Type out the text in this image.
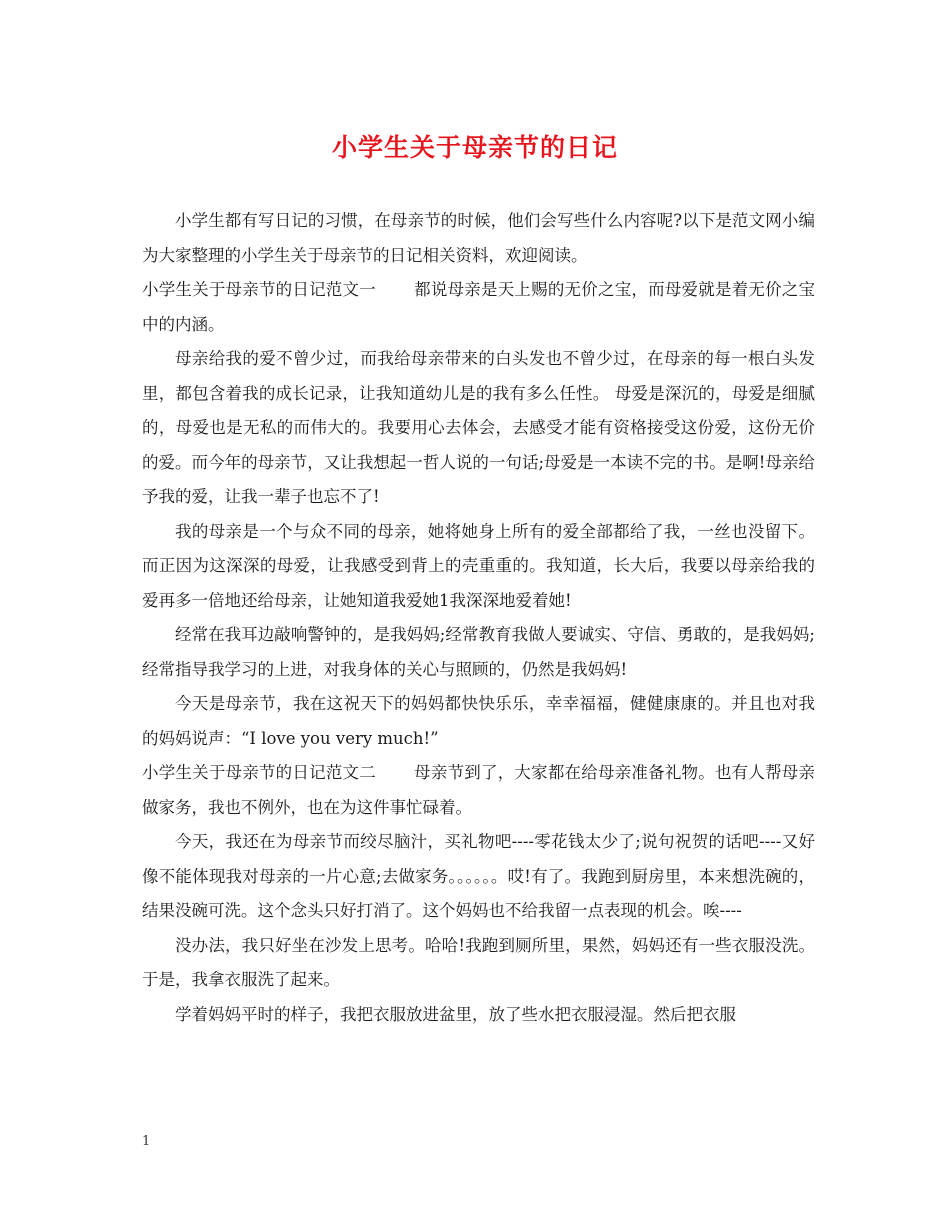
小学生关于母亲节的日记

小学生都有写日记的习惯，在母亲节的时候，他们会写些什么内容呢?以下是范文网小编为大家整理的小学生关于母亲节的日记相关资料，欢迎阅读。

小学生关于母亲节的日记范文一 都说母亲是天上赐的无价之宝，而母爱就是着无价之宝中的内涵。

母亲给我的爱不曾少过，而我给母亲带来的白头发也不曾少过，在母亲的每一根白头发里，都包含着我的成长记录，让我知道幼儿是的我有多么任性。 母爱是深沉的，母爱是细腻的，母爱也是无私的而伟大的。我要用心去体会，去感受才能有资格接受这份爱，这份无价的爱。而今年的母亲节，又让我想起一哲人说的一句话;母爱是一本读不完的书。是啊!母亲给予我的爱，让我一辈子也忘不了!

我的母亲是一个与众不同的母亲，她将她身上所有的爱全部都给了我，一丝也没留下。而正因为这深深的母爱，让我感受到背上的壳重重的。我知道，长大后，我要以母亲给我的爱再多一倍地还给母亲，让她知道我爱她1我深深地爱着她!

经常在我耳边敲响警钟的，是我妈妈;经常教育我做人要诚实、守信、勇敢的，是我妈妈;经常指导我学习的上进，对我身体的关心与照顾的，仍然是我妈妈!

今天是母亲节，我在这祝天下的妈妈都快快乐乐，幸幸福福，健健康康的。并且也对我的妈妈说声：“I love you very much!”

小学生关于母亲节的日记范文二 母亲节到了，大家都在给母亲准备礼物。也有人帮母亲做家务，我也不例外，也在为这件事忙碌着。

今天，我还在为母亲节而绞尽脑汁，买礼物吧----零花钱太少了;说句祝贺的话吧----又好像不能体现我对母亲的一片心意;去做家务。。。。。。哎!有了。我跑到厨房里，本来想洗碗的，结果没碗可洗。这个念头只好打消了。这个妈妈也不给我留一点表现的机会。唉----

没办法，我只好坐在沙发上思考。哈哈!我跑到厕所里，果然，妈妈还有一些衣服没洗。于是，我拿衣服洗了起来。

学着妈妈平时的样子，我把衣服放进盆里，放了些水把衣服浸湿。然后把衣服

1
